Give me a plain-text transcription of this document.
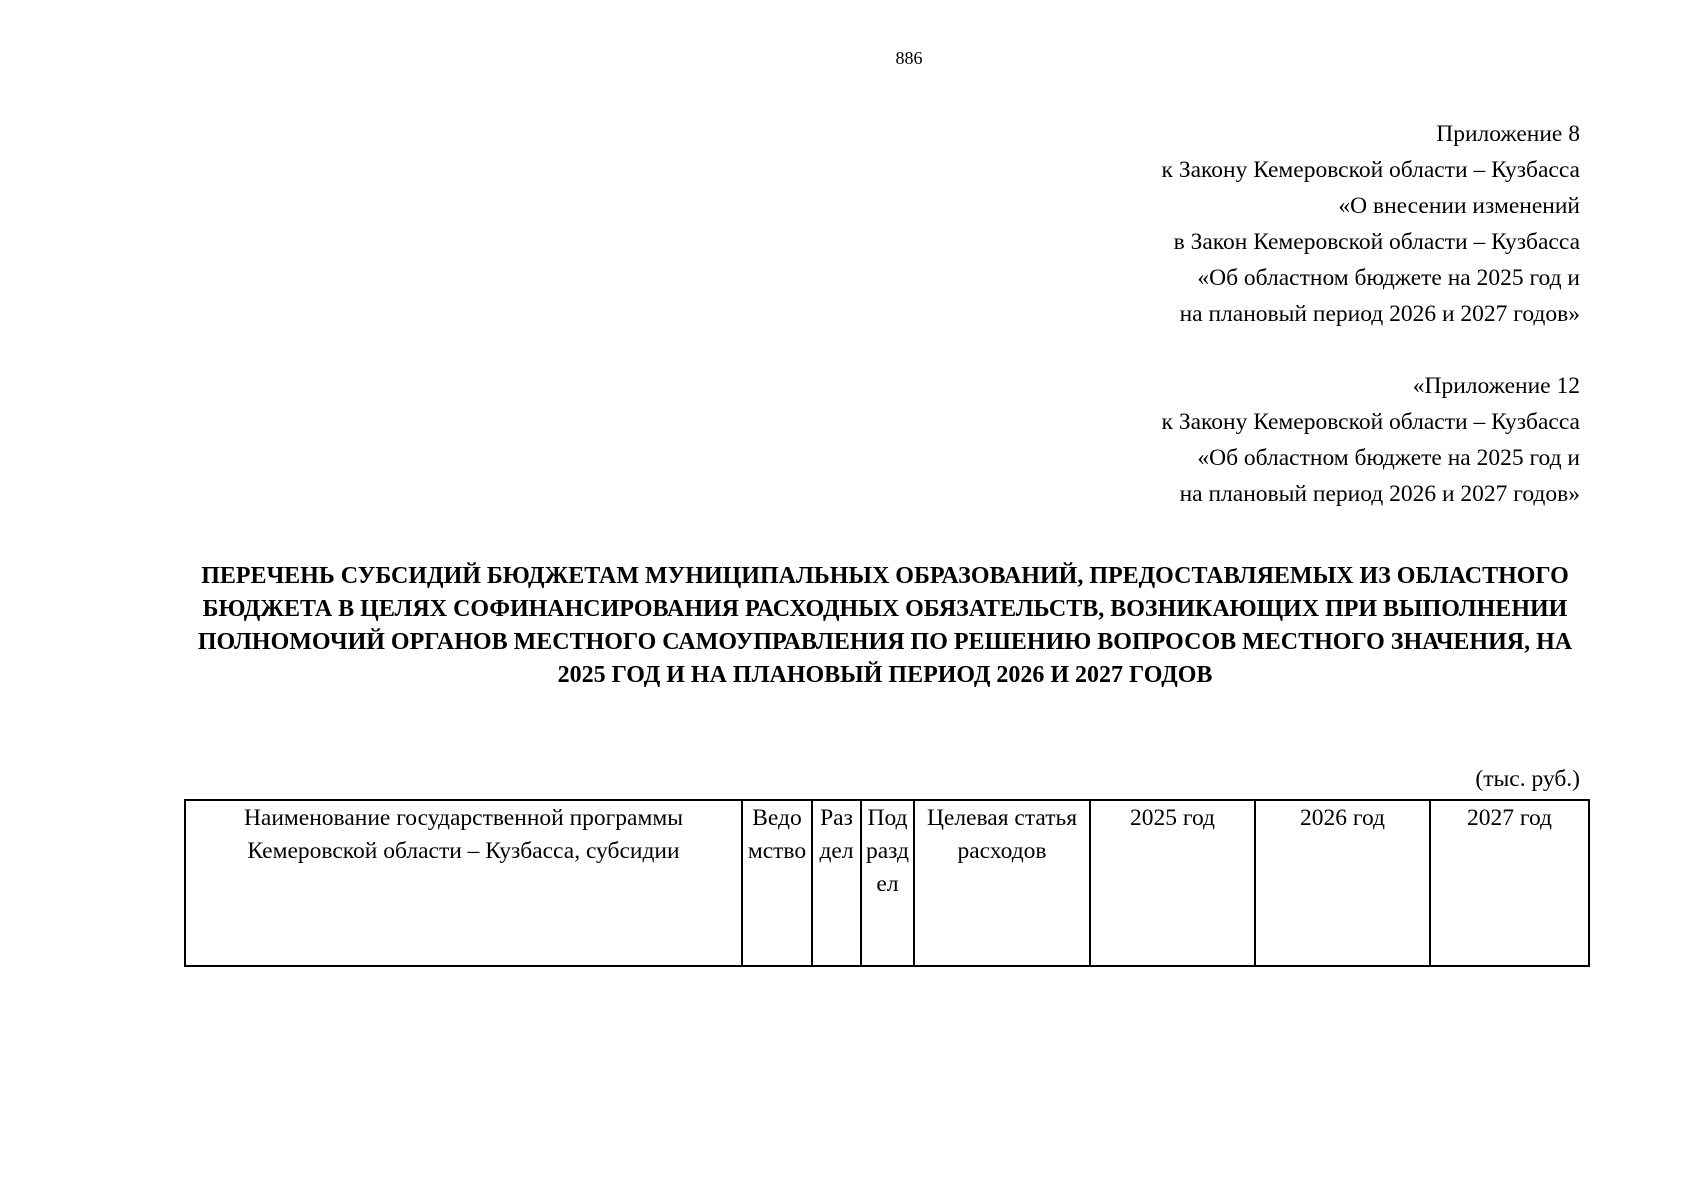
886
Приложение 8
к Закону Кемеровской области – Кузбасса
«О внесении изменений
в Закон Кемеровской области – Кузбасса
«Об областном бюджете на 2025 год и
на плановый период 2026 и 2027 годов»
«Приложение 12
к Закону Кемеровской области – Кузбасса
«Об областном бюджете на 2025 год и
на плановый период 2026 и 2027 годов»
ПЕРЕЧЕНЬ СУБСИДИЙ БЮДЖЕТАМ МУНИЦИПАЛЬНЫХ ОБРАЗОВАНИЙ, ПРЕДОСТАВЛЯЕМЫХ ИЗ ОБЛАСТНОГО БЮДЖЕТА В ЦЕЛЯХ СОФИНАНСИРОВАНИЯ РАСХОДНЫХ ОБЯЗАТЕЛЬСТВ, ВОЗНИКАЮЩИХ ПРИ ВЫПОЛНЕНИИ ПОЛНОМОЧИЙ ОРГАНОВ МЕСТНОГО САМОУПРАВЛЕНИЯ ПО РЕШЕНИЮ ВОПРОСОВ МЕСТНОГО ЗНАЧЕНИЯ, НА 2025 ГОД И НА ПЛАНОВЫЙ ПЕРИОД 2026 И 2027 ГОДОВ
(тыс. руб.)
Наименование государственной программы Кемеровской области – Кузбасса, субсидии	Ведомство	Раздел	Подраздел	Целевая статья расходов	2025 год	2026 год	2027 год
